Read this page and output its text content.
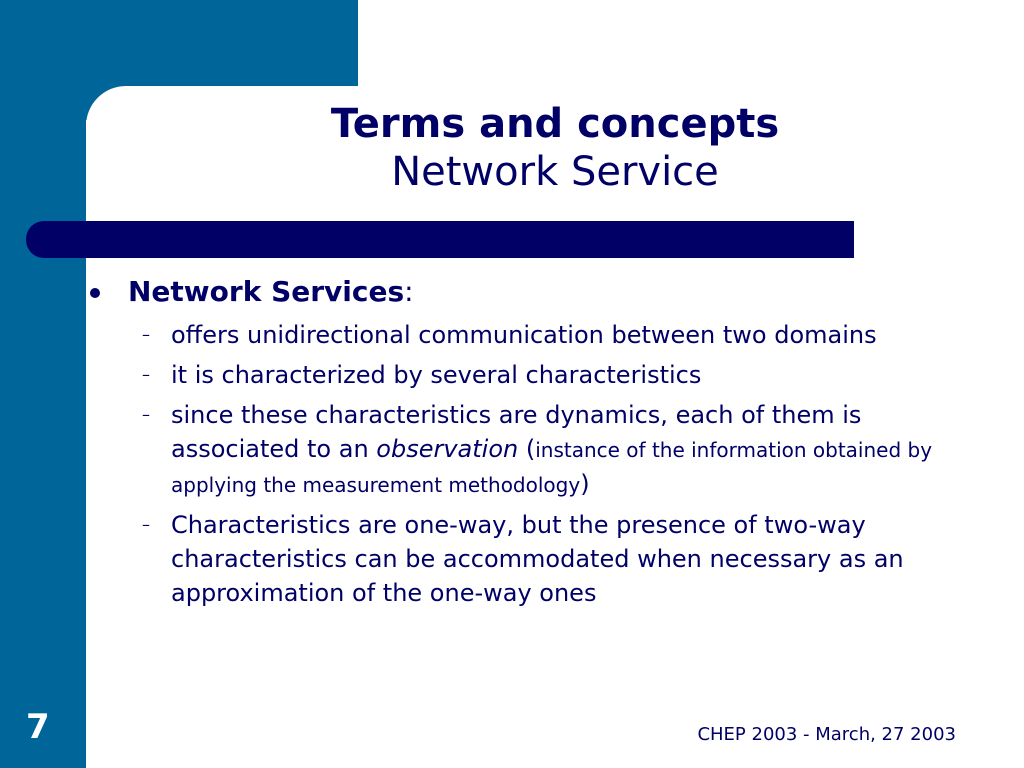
Terms and concepts
Network Service
Network Services:
– offers unidirectional communication between two domains
– it is characterized by several characteristics
– since these characteristics are dynamics, each of them is associated to an observation (instance of the information obtained by applying the measurement methodology)
– Characteristics are one-way, but the presence of two-way characteristics can be accommodated when necessary as an approximation of the one-way ones
7	CHEP 2003 - March, 27 2003
